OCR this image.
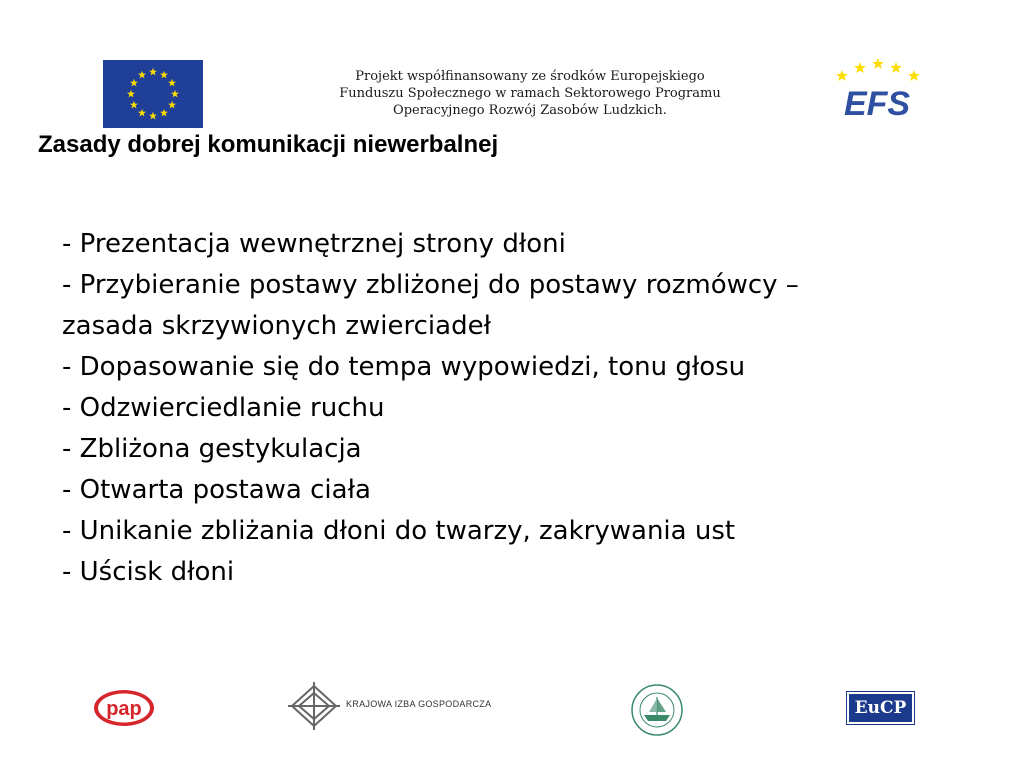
Projekt współfinansowany ze środków Europejskiego
Funduszu Społecznego w ramach Sektorowego Programu
Operacyjnego Rozwój Zasobów Ludzkich.	EFS
Zasady dobrej komunikacji niewerbalnej
- Prezentacja wewnętrznej strony dłoni
- Przybieranie postawy zbliżonej do postawy rozmówcy –
zasada skrzywionych zwierciadeł
- Dopasowanie się do tempa wypowiedzi, tonu głosu
- Odzwierciedlanie ruchu
- Zbliżona gestykulacja
- Otwarta postawa ciała
- Unikanie zbliżania dłoni do twarzy, zakrywania ust
- Uścisk dłoni
pap	KRAJOWA IZBA GOSPODARCZA	EuCP
